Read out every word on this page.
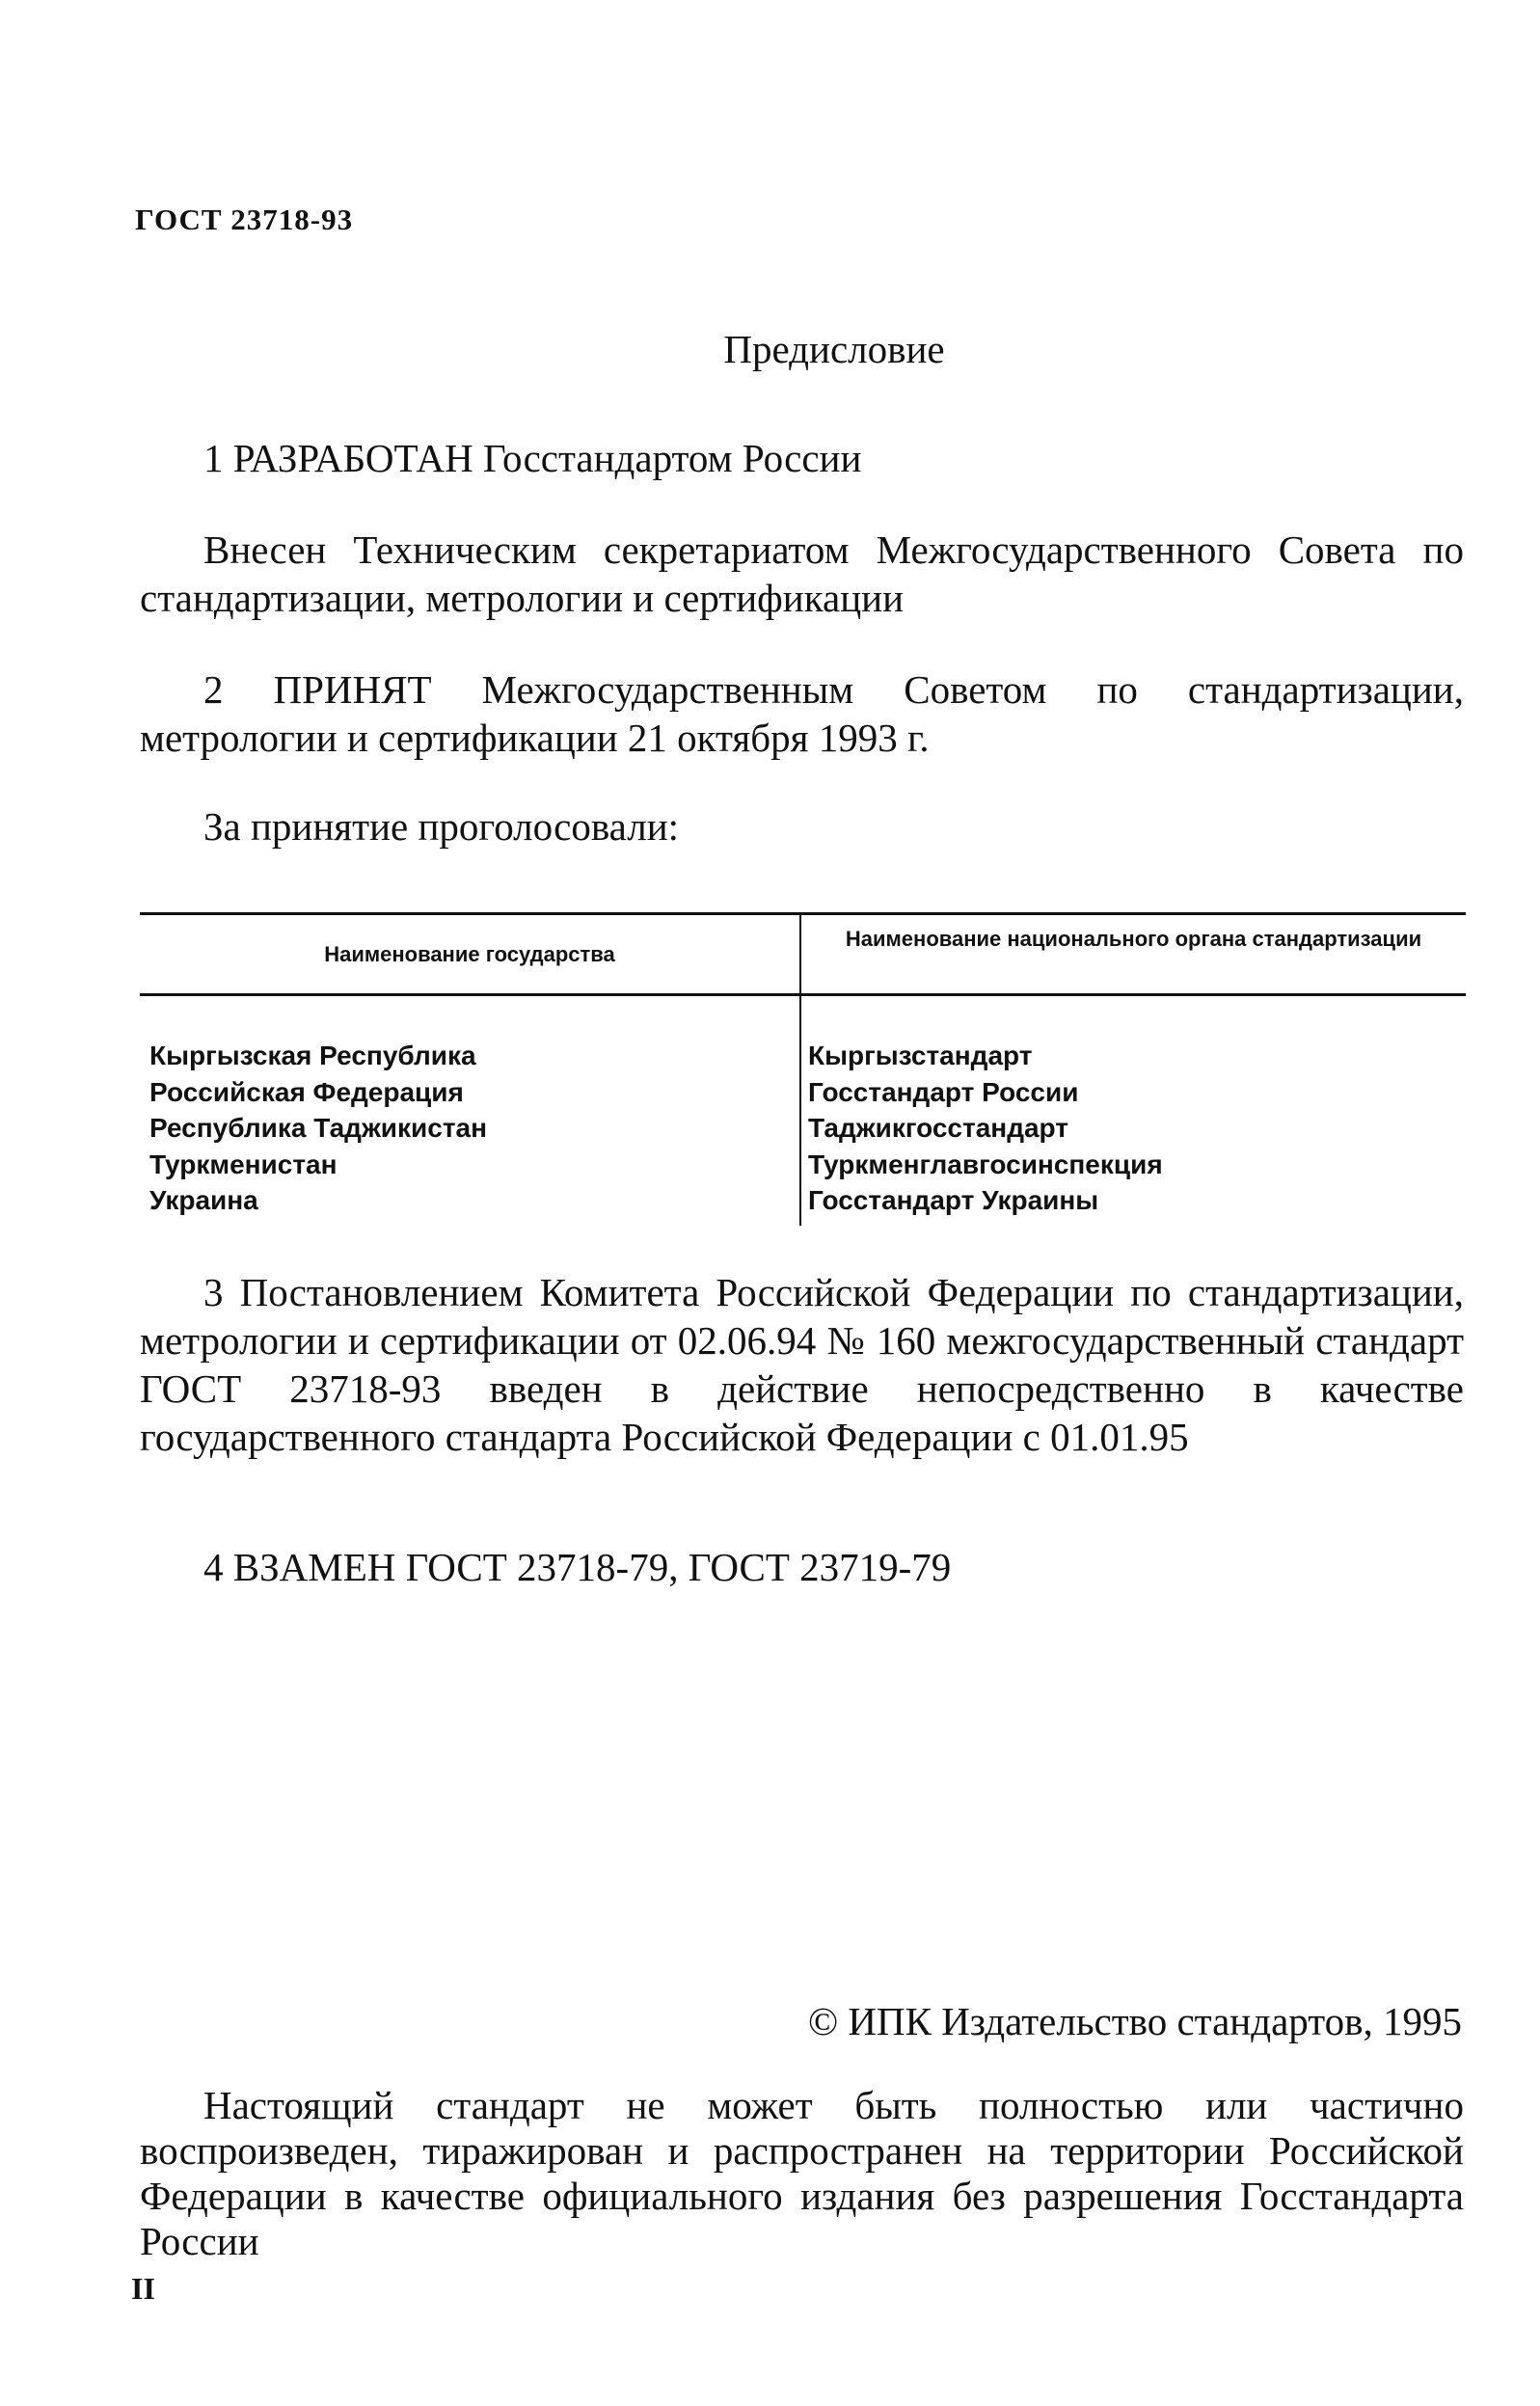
ГОСТ 23718-93
Предисловие
1 РАЗРАБОТАН Госстандартом России
Внесен Техническим секретариатом Межгосударственного Совета по стандартизации, метрологии и сертификации
2 ПРИНЯТ Межгосударственным Советом по стандартизации, метрологии и сертификации 21 октября 1993 г.
За принятие проголосовали:
Наименование государства
Наименование национального органа стандартизации
Кыргызская Республика
Российская Федерация
Республика Таджикистан
Туркменистан
Украина
Кыргызстандарт
Госстандарт России
Таджикгосстандарт
Туркменглавгосинспекция
Госстандарт Украины
3 Постановлением Комитета Российской Федерации по стандартизации, метрологии и сертификации от 02.06.94 № 160 межгосударственный стандарт ГОСТ 23718-93 введен в действие непосредственно в качестве государственного стандарта Российской Федерации с 01.01.95
4 ВЗАМЕН ГОСТ 23718-79, ГОСТ 23719-79
© ИПК Издательство стандартов, 1995
Настоящий стандарт не может быть полностью или частично воспроизведен, тиражирован и распространен на территории Российской Федерации в качестве официального издания без разрешения Госстандарта России
II
